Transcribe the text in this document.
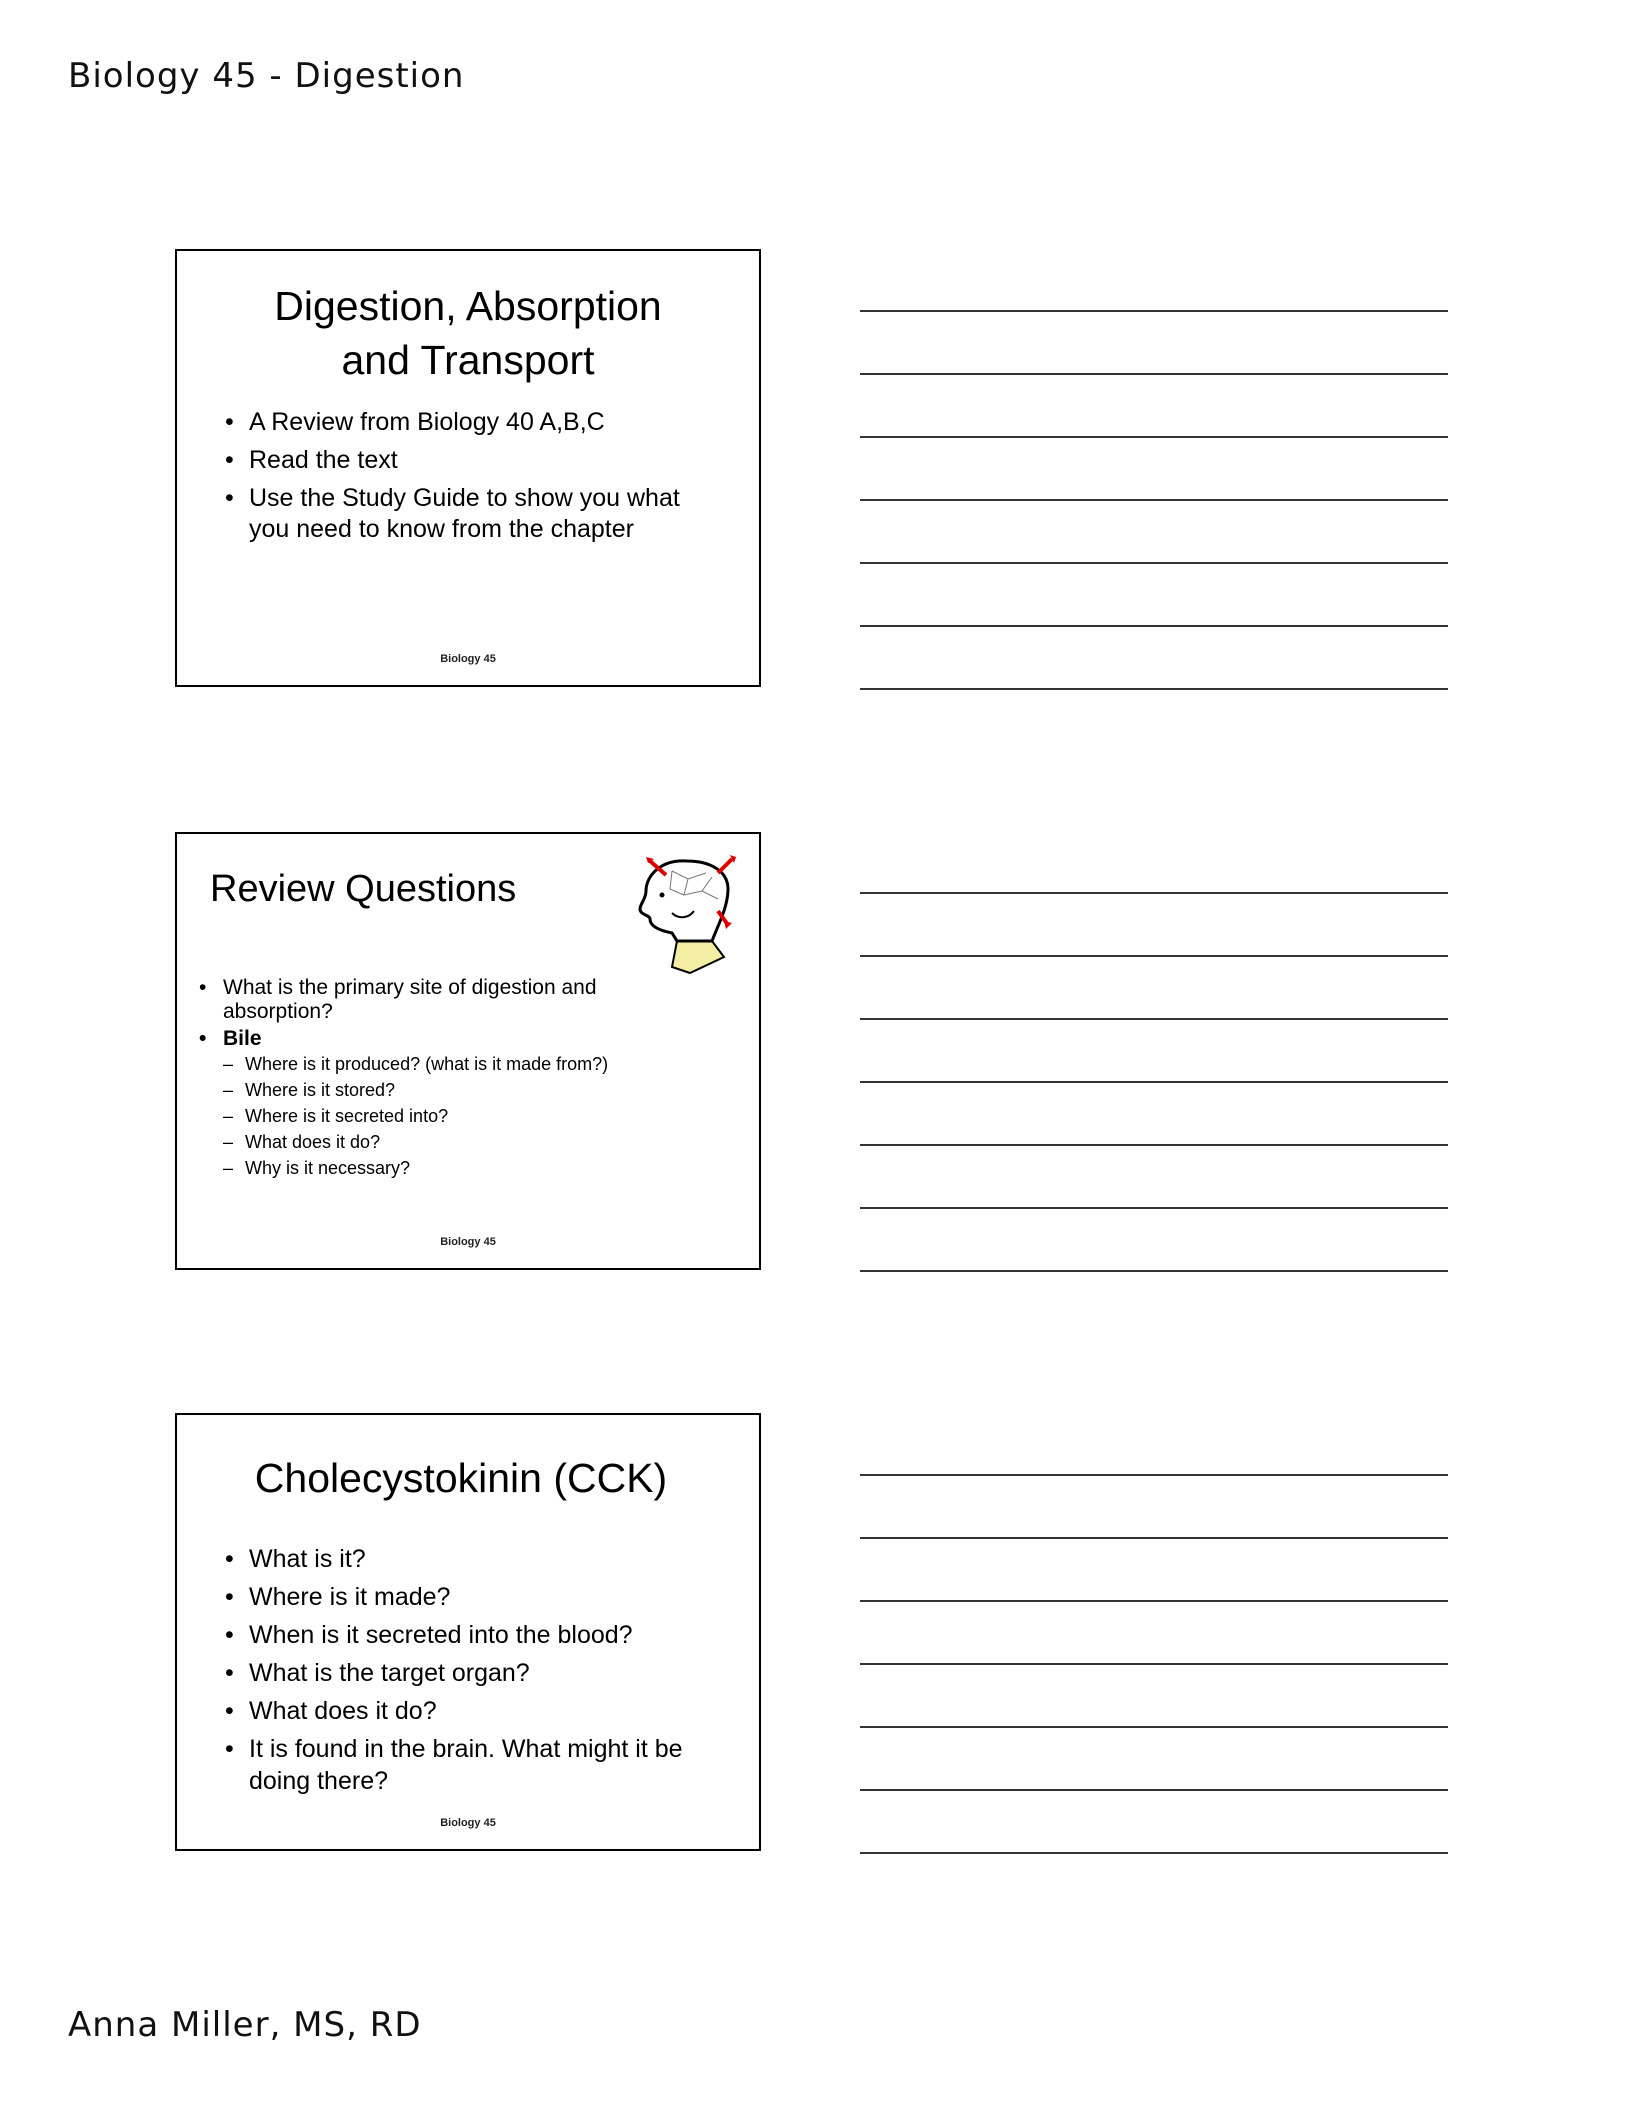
Biology 45 - Digestion
Digestion, Absorption
and Transport
• A Review from Biology 40 A,B,C
• Read the text
• Use the Study Guide to show you what you need to know from the chapter
Biology 45
Review Questions
• What is the primary site of digestion and absorption?
• Bile
– Where is it produced? (what is it made from?)
– Where is it stored?
– Where is it secreted into?
– What does it do?
– Why is it necessary?
Biology 45
Cholecystokinin (CCK)
• What is it?
• Where is it made?
• When is it secreted into the blood?
• What is the target organ?
• What does it do?
• It is found in the brain. What might it be doing there?
Biology 45
Anna Miller, MS, RD
